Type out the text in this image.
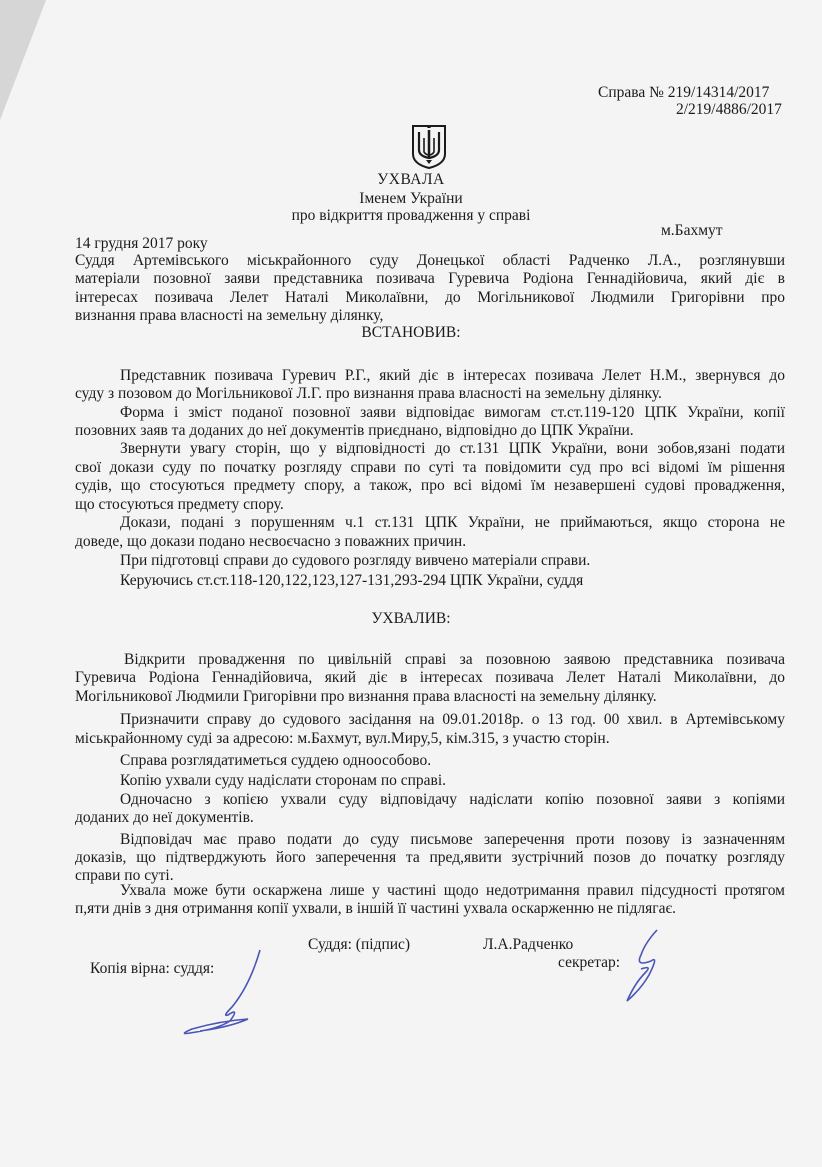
Справа № 219/14314/2017
2/219/4886/2017
УХВАЛА
Іменем України
про відкриття провадження у справі
м.Бахмут
14 грудня 2017 року
Суддя Артемівського міськрайонного суду Донецької області Радченко Л.А., розглянувши
матеріали позовної заяви представника позивача Гуревича Родіона Геннадійовича, який діє в
інтересах позивача Лелет Наталі Миколаївни, до Могільникової Людмили Григорівни про
визнання права власності на земельну ділянку,
ВСТАНОВИВ:
Представник позивача Гуревич Р.Г., який діє в інтересах позивача Лелет Н.М., звернувся до
суду з позовом до Могільникової Л.Г. про визнання права власності на земельну ділянку.
Форма і зміст поданої позовної заяви відповідає вимогам ст.ст.119-120 ЦПК України, копії
позовних заяв та доданих до неї документів приєднано, відповідно до ЦПК України.
Звернути увагу сторін, що у відповідності до ст.131 ЦПК України, вони зобов,язані подати
свої докази суду по початку розгляду справи по суті та повідомити суд про всі відомі їм рішення
судів, що стосуються предмету спору, а також, про всі відомі їм незавершені судові провадження,
що стосуються предмету спору.
Докази, подані з порушенням ч.1 ст.131 ЦПК України, не приймаються, якщо сторона не
доведе, що докази подано несвоєчасно з поважних причин.
При підготовці справи до судового розгляду вивчено матеріали справи.
Керуючись ст.ст.118-120,122,123,127-131,293-294 ЦПК України, суддя
УХВАЛИВ:
Відкрити провадження по цивільній справі за позовною заявою представника позивача
Гуревича Родіона Геннадійовича, який діє в інтересах позивача Лелет Наталі Миколаївни, до
Могільникової Людмили Григорівни про визнання права власності на земельну ділянку.
Призначити справу до судового засідання на 09.01.2018р. о 13 год. 00 хвил. в Артемівському
міськрайонному суді за адресою: м.Бахмут, вул.Миру,5, кім.315, з участю сторін.
Справа розглядатиметься суддею одноособово.
Копію ухвали суду надіслати сторонам по справі.
Одночасно з копією ухвали суду відповідачу надіслати копію позовної заяви з копіями
доданих до неї документів.
Відповідач має право подати до суду письмове заперечення проти позову із зазначенням
доказів, що підтверджують його заперечення та пред,явити зустрічний позов до початку розгляду
справи по суті.
Ухвала може бути оскаржена лише у частині щодо недотримання правил підсудності протягом
п,яти днів з дня отримання копії ухвали, в іншій її частині ухвала оскарженню не підлягає.
Суддя: (підпис)	Л.А.Радченко
Копія вірна: суддя:	секретар:
